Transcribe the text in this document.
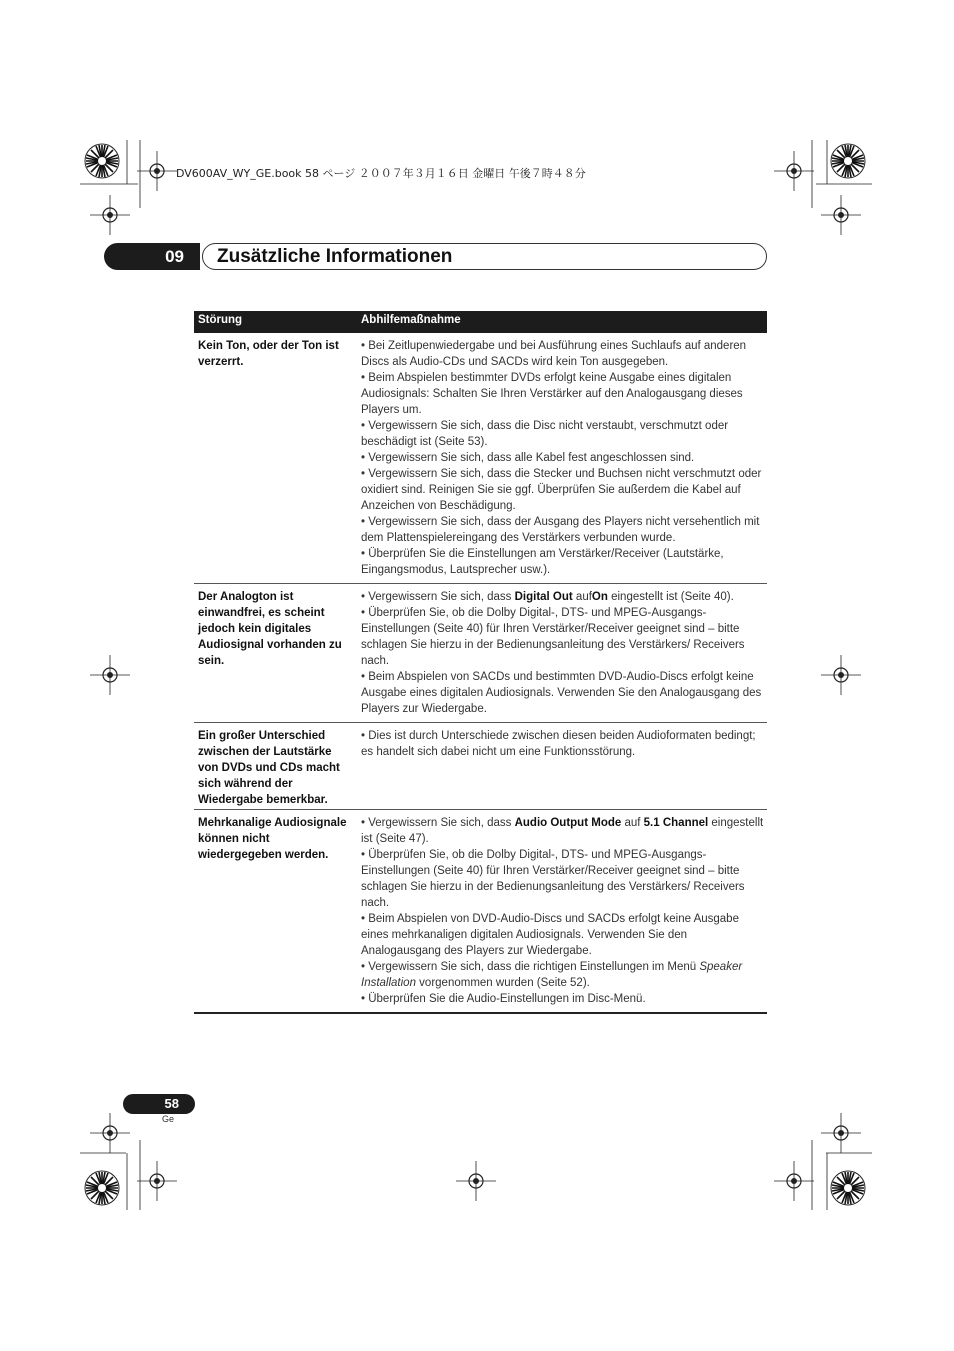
DV600AV_WY_GE.book 58 ページ ２００７年３月１６日 金曜日 午後７時４８分
09	Zusätzliche Informationen
Störung	Abhilfemaßnahme
Kein Ton, oder der Ton ist verzerrt.

• Bei Zeitlupenwiedergabe und bei Ausführung eines Suchlaufs auf anderen Discs als Audio-CDs und SACDs wird kein Ton ausgegeben.

• Beim Abspielen bestimmter DVDs erfolgt keine Ausgabe eines digitalen Audiosignals: Schalten Sie Ihren Verstärker auf den Analogausgang dieses Players um.

• Vergewissern Sie sich, dass die Disc nicht verstaubt, verschmutzt oder beschädigt ist (Seite 53).

• Vergewissern Sie sich, dass alle Kabel fest angeschlossen sind.

• Vergewissern Sie sich, dass die Stecker und Buchsen nicht verschmutzt oder oxidiert sind. Reinigen Sie sie ggf. Überprüfen Sie außerdem die Kabel auf Anzeichen von Beschädigung.

• Vergewissern Sie sich, dass der Ausgang des Players nicht versehentlich mit dem Plattenspielereingang des Verstärkers verbunden wurde.

• Überprüfen Sie die Einstellungen am Verstärker/Receiver (Lautstärke, Eingangsmodus, Lautsprecher usw.).

Der Analogton ist einwandfrei, es scheint jedoch kein digitales Audiosignal vorhanden zu sein.

• Vergewissern Sie sich, dass Digital Out aufOn eingestellt ist (Seite 40).

• Überprüfen Sie, ob die Dolby Digital-, DTS- und MPEG-Ausgangs-Einstellungen (Seite 40) für Ihren Verstärker/Receiver geeignet sind – bitte schlagen Sie hierzu in der Bedienungsanleitung des Verstärkers/ Receivers nach.

• Beim Abspielen von SACDs und bestimmten DVD-Audio-Discs erfolgt keine Ausgabe eines digitalen Audiosignals. Verwenden Sie den Analogausgang des Players zur Wiedergabe.

Ein großer Unterschied zwischen der Lautstärke von DVDs und CDs macht sich während der Wiedergabe bemerkbar.

• Dies ist durch Unterschiede zwischen diesen beiden Audioformaten bedingt; es handelt sich dabei nicht um eine Funktionsstörung.

Mehrkanalige Audiosignale können nicht wiedergegeben werden.

• Vergewissern Sie sich, dass Audio Output Mode auf 5.1 Channel eingestellt ist (Seite 47).

• Überprüfen Sie, ob die Dolby Digital-, DTS- und MPEG-Ausgangs-Einstellungen (Seite 40) für Ihren Verstärker/Receiver geeignet sind – bitte schlagen Sie hierzu in der Bedienungsanleitung des Verstärkers/ Receivers nach.

• Beim Abspielen von DVD-Audio-Discs und SACDs erfolgt keine Ausgabe eines mehrkanaligen digitalen Audiosignals. Verwenden Sie den Analogausgang des Players zur Wiedergabe.

• Vergewissern Sie sich, dass die richtigen Einstellungen im Menü Speaker Installation vorgenommen wurden (Seite 52).

• Überprüfen Sie die Audio-Einstellungen im Disc-Menü.

58
Ge
